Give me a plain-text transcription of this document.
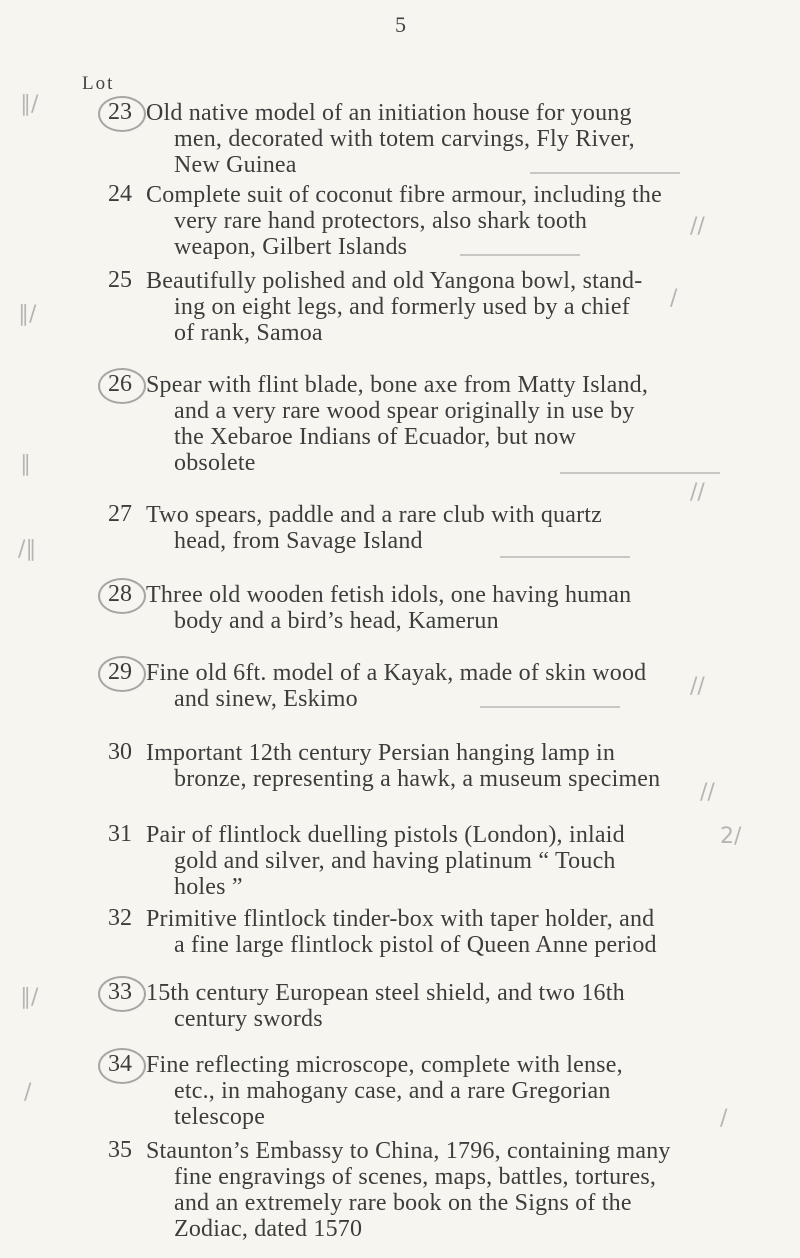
5
Lot
23 Old native model of an initiation house for young
men, decorated with totem carvings, Fly River,
New Guinea
24 Complete suit of coconut fibre armour, including the
very rare hand protectors, also shark tooth
weapon, Gilbert Islands
25 Beautifully polished and old Yangona bowl, stand-
ing on eight legs, and formerly used by a chief
of rank, Samoa
26 Spear with flint blade, bone axe from Matty Island,
and a very rare wood spear originally in use by
the Xebaroe Indians of Ecuador, but now
obsolete
27 Two spears, paddle and a rare club with quartz
head, from Savage Island
28 Three old wooden fetish idols, one having human
body and a bird’s head, Kamerun
29 Fine old 6ft. model of a Kayak, made of skin wood
and sinew, Eskimo
30 Important 12th century Persian hanging lamp in
bronze, representing a hawk, a museum specimen
31 Pair of flintlock duelling pistols (London), inlaid
gold and silver, and having platinum “ Touch
holes ”
32 Primitive flintlock tinder-box with taper holder, and
a fine large flintlock pistol of Queen Anne period
33 15th century European steel shield, and two 16th
century swords
34 Fine reflecting microscope, complete with lense,
etc., in mahogany case, and a rare Gregorian
telescope
35 Staunton’s Embassy to China, 1796, containing many
fine engravings of scenes, maps, battles, tortures,
and an extremely rare book on the Signs of the
Zodiac, dated 1570
∥/
∥/
∥
/∥
∥/
/
//
/
//
//
//
2/
/
